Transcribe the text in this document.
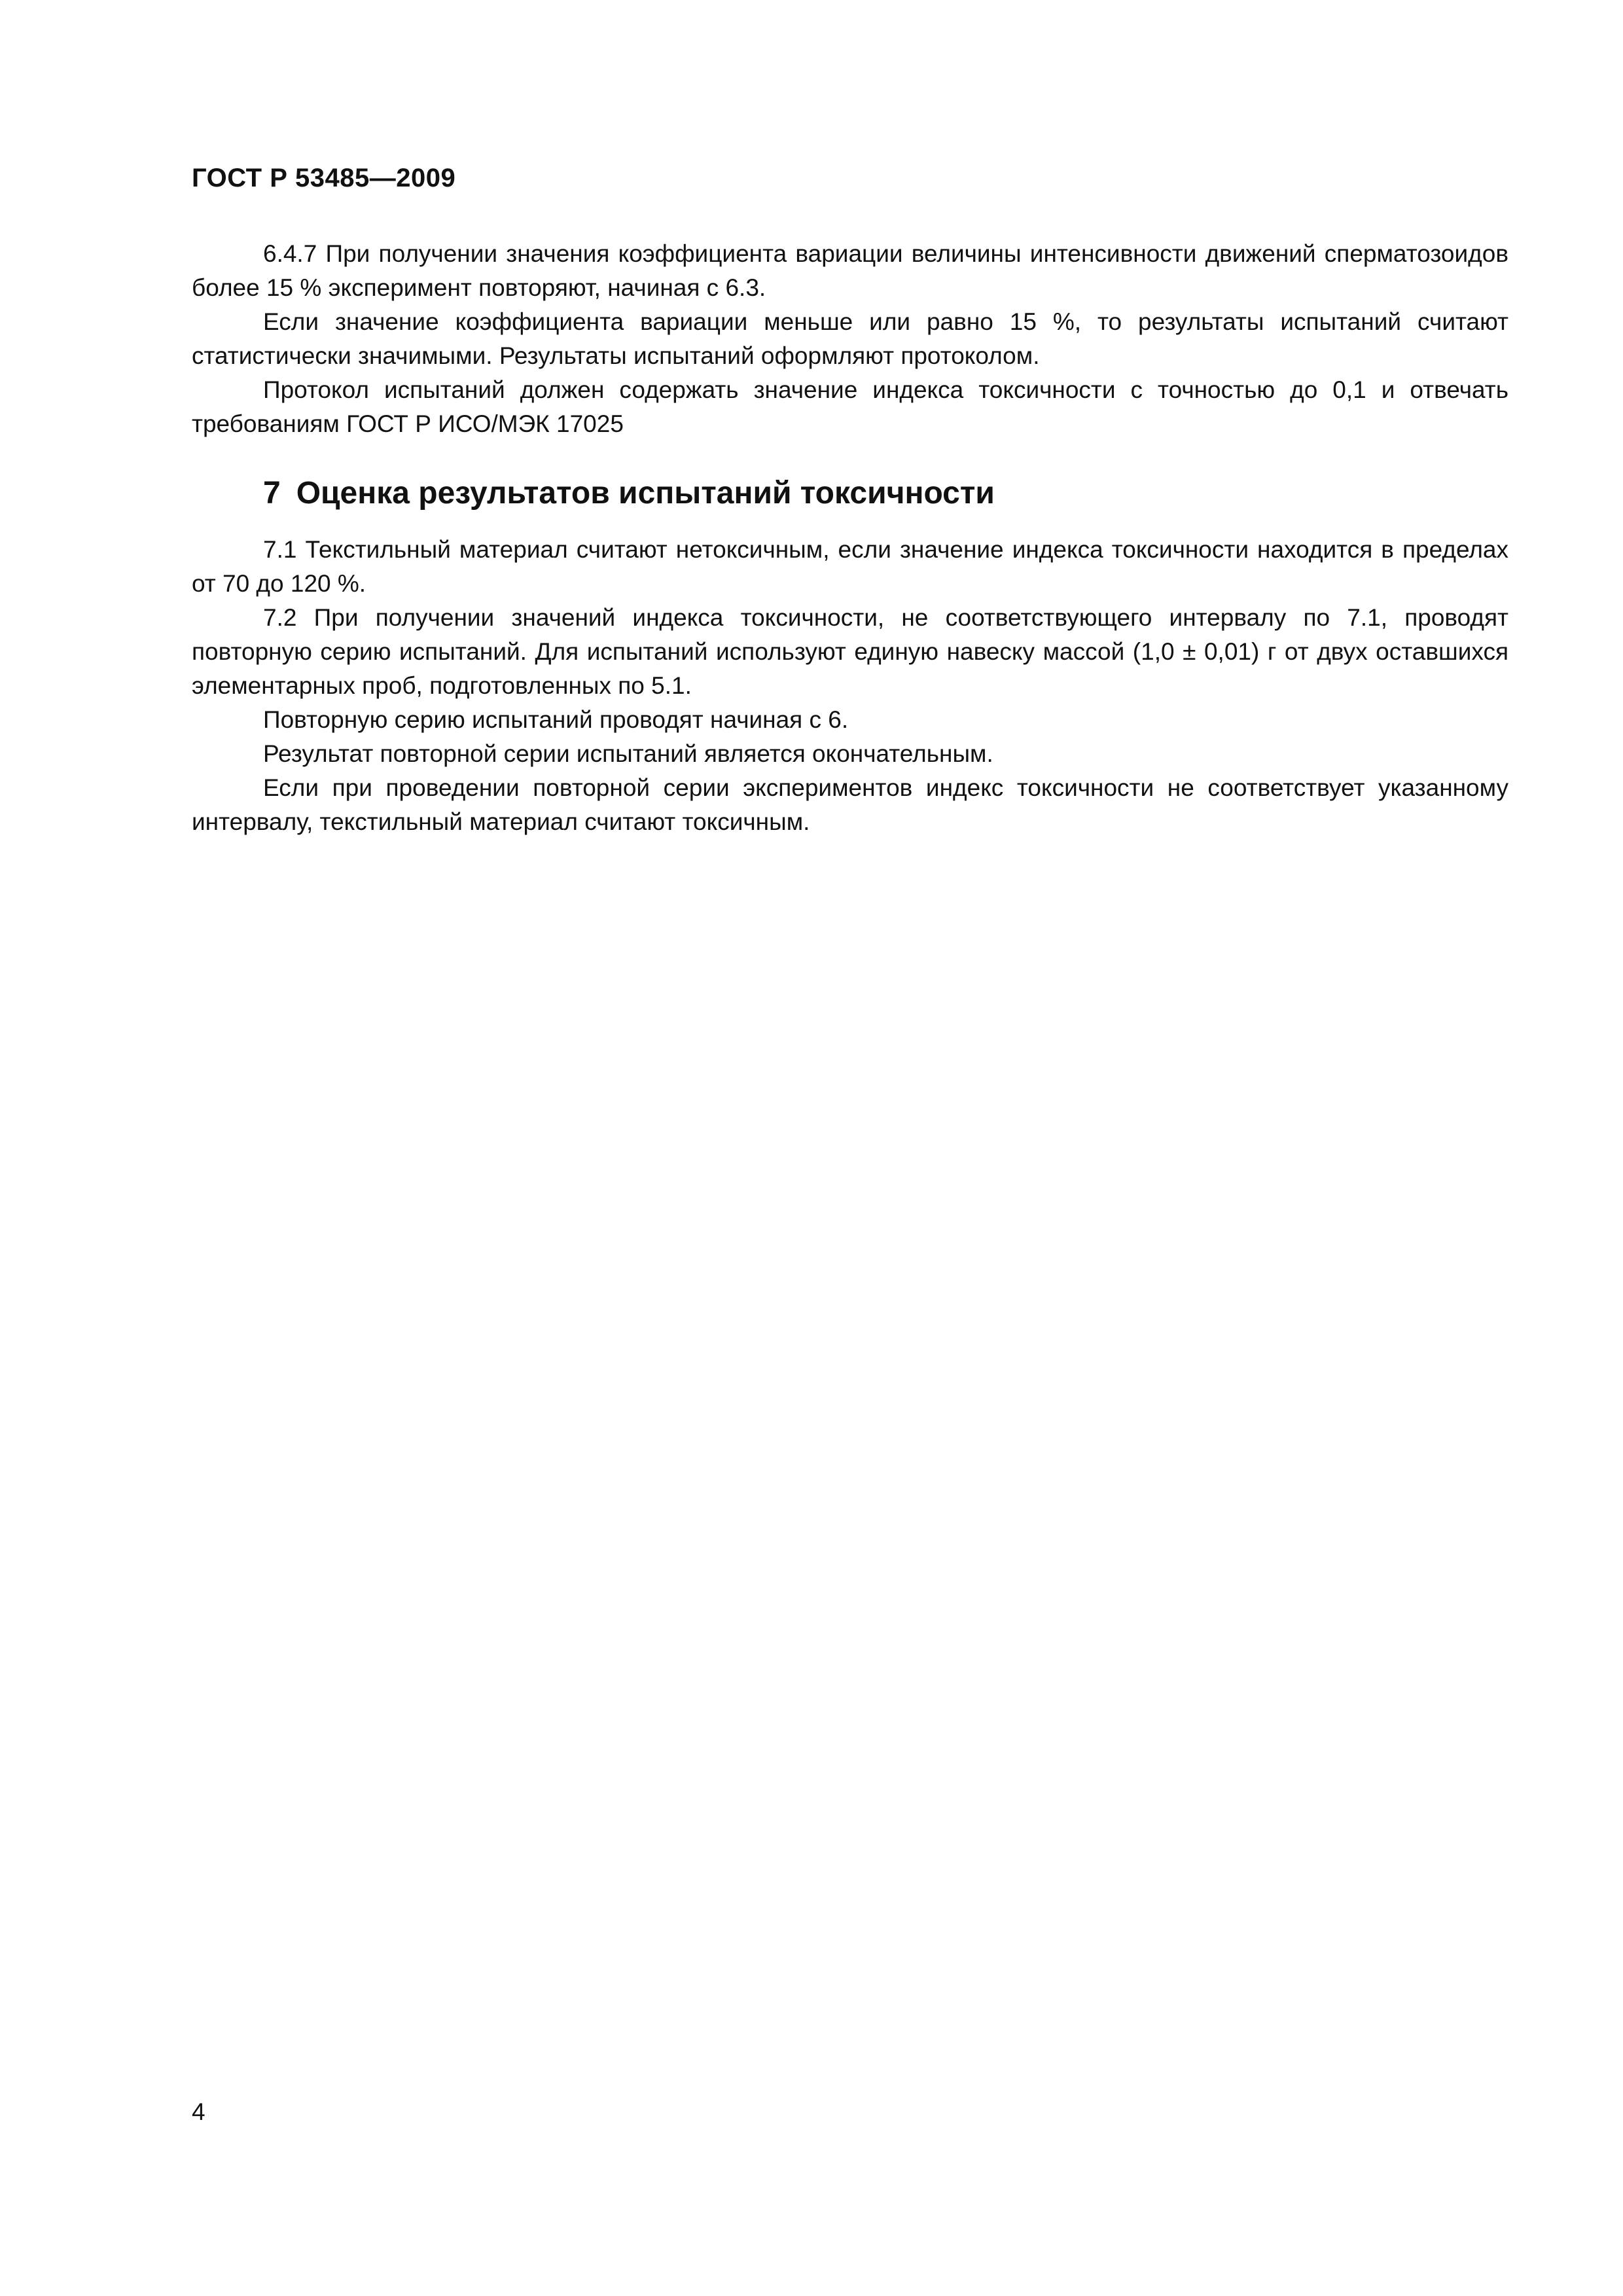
ГОСТ Р 53485—2009

6.4.7 При получении значения коэффициента вариации величины интенсивности движений сперматозоидов более 15 % эксперимент повторяют, начиная с 6.3.

Если значение коэффициента вариации меньше или равно 15 %, то результаты испытаний считают статистически значимыми. Результаты испытаний оформляют протоколом.

Протокол испытаний должен содержать значение индекса токсичности с точностью до 0,1 и отвечать требованиям ГОСТ Р ИСО/МЭК 17025

7 Оценка результатов испытаний токсичности

7.1 Текстильный материал считают нетоксичным, если значение индекса токсичности находится в пределах от 70 до 120 %.

7.2 При получении значений индекса токсичности, не соответствующего интервалу по 7.1, проводят повторную серию испытаний. Для испытаний используют единую навеску массой (1,0 ± 0,01) г от двух оставшихся элементарных проб, подготовленных по 5.1.

Повторную серию испытаний проводят начиная с 6.

Результат повторной серии испытаний является окончательным.

Если при проведении повторной серии экспериментов индекс токсичности не соответствует указанному интервалу, текстильный материал считают токсичным.

4
